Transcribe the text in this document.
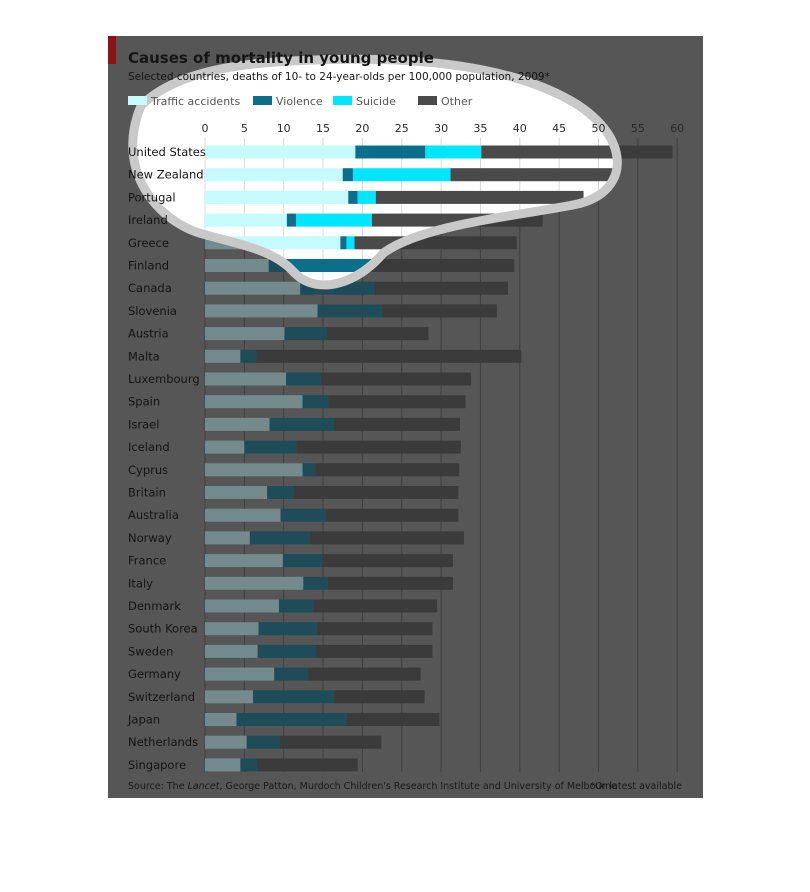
Causes of mortality in young people
Selected countries, deaths of 10- to 24-year-olds per 100,000 population, 2009*
Traffic accidents	Violence	Suicide	Other
0	5	10 15 20 25 30 35 40 45 50 55 60
United States
New Zealand
Portugal
Ireland
Greece
Finland
Canada
Slovenia
Austria
Malta
Luxembourg
Spain
Israel
Iceland
Cyprus
Britain
Australia
Norway
France
Italy
Denmark
South Korea
Sweden
Germany
Switzerland
Japan
Netherlands
Singapore
Source: The Lancet, George Patton, Murdoch Children's Research Institute and University of Melbourne
*Or latest available
